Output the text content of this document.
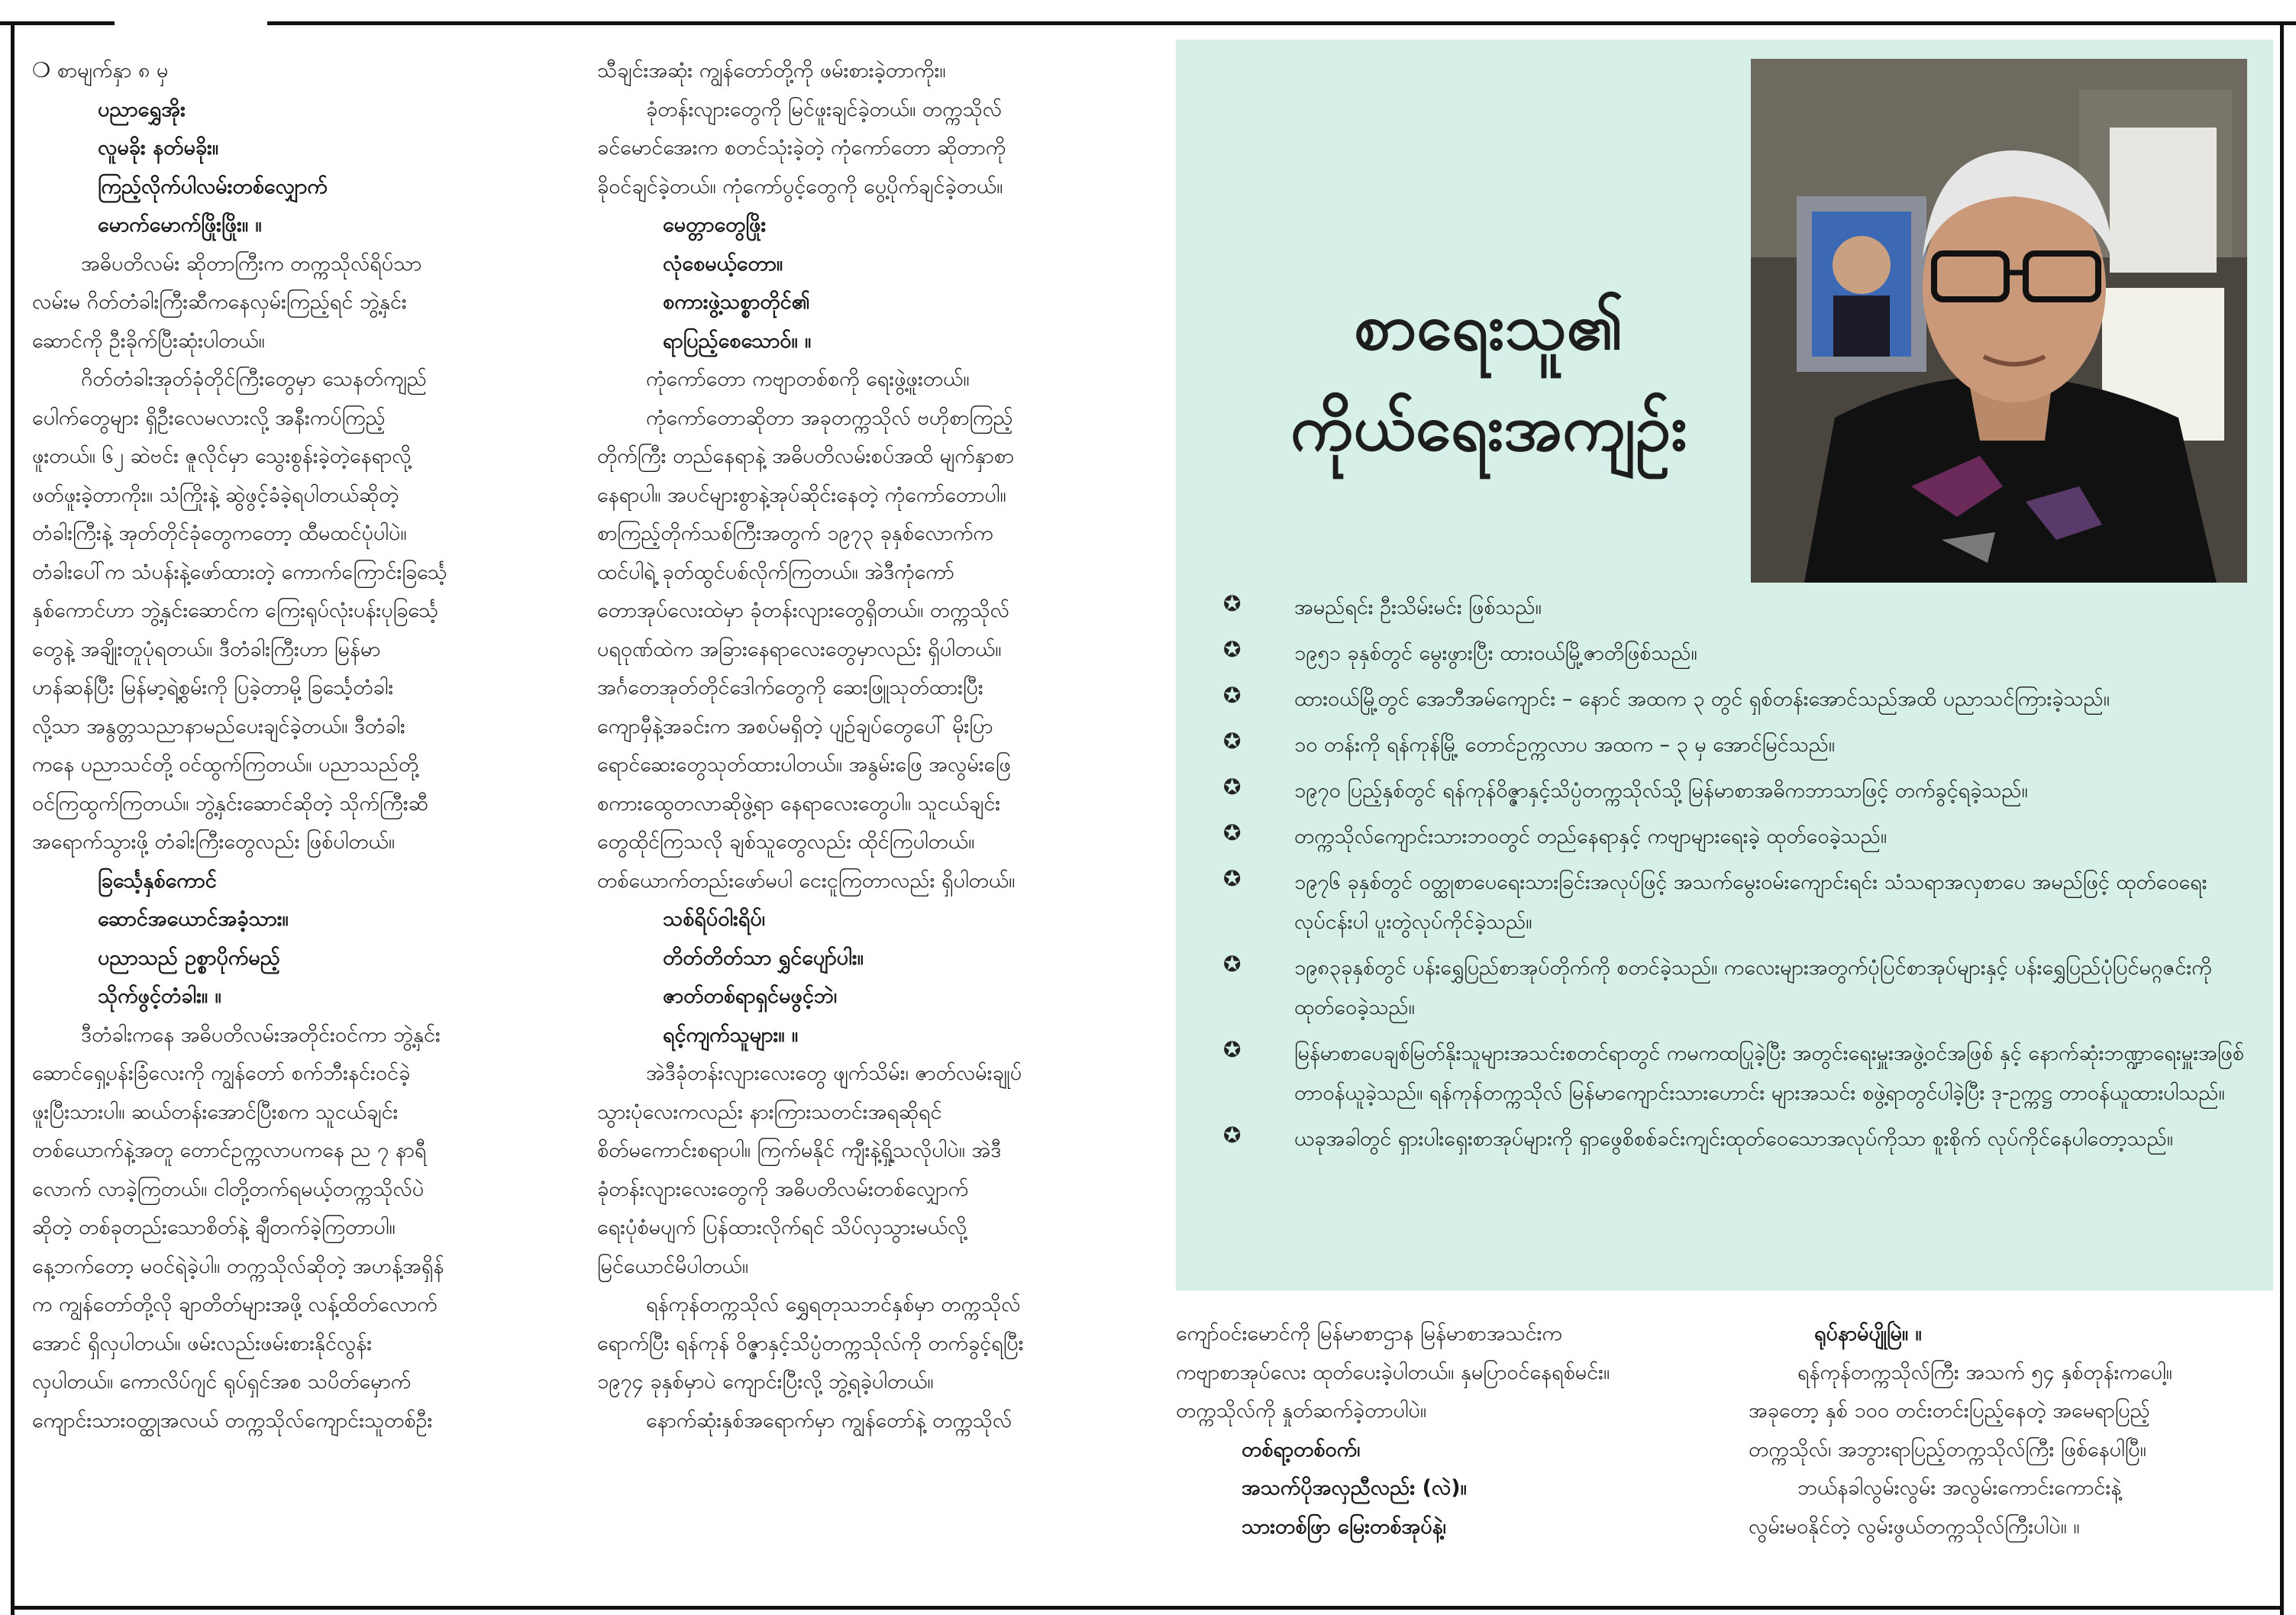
❍ စာမျက်နှာ ၈ မှ

ပညာရွှေအိုး

လူမခိုး နတ်မခိုး။

ကြည့်လိုက်ပါလမ်းတစ်လျှောက်

မောက်မောက်ဖြိုးဖြိုး။ ။

အဓိပတိလမ်း ဆိုတာကြီးက တက္ကသိုလ်ရိပ်သာ

လမ်းမ ဂိတ်တံခါးကြီးဆီကနေလှမ်းကြည့်ရင် ဘွဲ့နှင်း

ဆောင်ကို ဦးခိုက်ပြီးဆုံးပါတယ်။

ဂိတ်တံခါးအုတ်ခုံတိုင်ကြီးတွေမှာ သေနတ်ကျည်

ပေါက်တွေများ ရှိဦးလေမလားလို့ အနီးကပ်ကြည့်

ဖူးတယ်။ ၆၂ ဆဲဗင်း ဇူလိုင်မှာ သွေးစွန်းခဲ့တဲ့နေရာလို့

ဖတ်ဖူးခဲ့တာကိုး။ သံကြိုးနဲ့ ဆွဲဖွင့်ခံခဲ့ရပါတယ်ဆိုတဲ့

တံခါးကြီးနဲ့ အုတ်တိုင်ခုံတွေကတော့ ထီမထင်ပုံပါပဲ။

တံခါးပေါ်က သံပန်းနဲ့ဖော်ထားတဲ့ ကောက်ကြောင်းခြင်္သေ့

နှစ်ကောင်ဟာ ဘွဲ့နှင်းဆောင်က ကြေးရုပ်လုံးပန်းပုခြင်္သေ့

တွေနဲ့ အချိုးတူပုံရတယ်။ ဒီတံခါးကြီးဟာ မြန်မာ

ဟန်ဆန်ပြီး မြန်မာ့ရဲ့စွမ်းကို ပြခဲ့တာမို့ ခြင်္သေ့တံခါး

လို့သာ အနွတ္တသညာနာမည်ပေးချင်ခဲ့တယ်။ ဒီတံခါး

ကနေ ပညာသင်တို့ ဝင်ထွက်ကြတယ်။ ပညာသည်တို့

ဝင်ကြထွက်ကြတယ်။ ဘွဲ့နှင်းဆောင်ဆိုတဲ့ သိုက်ကြီးဆီ

အရောက်သွားဖို့ တံခါးကြီးတွေလည်း ဖြစ်ပါတယ်။

ခြင်္သေ့နှစ်ကောင်

ဆောင်အယောင်အခံ့သား။

ပညာသည် ဥစ္စာပိုက်မည့်

သိုက်ဖွင့်တံခါး။ ။

ဒီတံခါးကနေ အဓိပတိလမ်းအတိုင်းဝင်ကာ ဘွဲ့နှင်း

ဆောင်ရှေ့ပန်းခြံလေးကို ကျွန်တော် စက်ဘီးနင်းဝင်ခဲ့

ဖူးပြီးသားပါ။ ဆယ်တန်းအောင်ပြီးစက သူငယ်ချင်း

တစ်ယောက်နဲ့အတူ တောင်ဥက္ကလာပကနေ ည ၇ နာရီ

လောက် လာခဲ့ကြတယ်။ ငါတို့တက်ရမယ့်တက္ကသိုလ်ပဲ

ဆိုတဲ့ တစ်ခုတည်းသောစိတ်နဲ့ ချီတက်ခဲ့ကြတာပါ။

နေ့ဘက်တော့ မဝင်ရဲခဲ့ပါ။ တက္ကသိုလ်ဆိုတဲ့ အဟန့်အရှိန်

က ကျွန်တော်တို့လို ချာတိတ်များအဖို့ လန့်ထိတ်လောက်

အောင် ရှိလှပါတယ်။ ဖမ်းလည်းဖမ်းစားနိုင်လွန်း

လှပါတယ်။ ကောလိပ်ဂျင် ရုပ်ရှင်အစ သပိတ်မှောက်

ကျောင်းသားဝတ္ထုအလယ် တက္ကသိုလ်ကျောင်းသူတစ်ဦး

သီချင်းအဆုံး ကျွန်တော်တို့ကို ဖမ်းစားခဲ့တာကိုး။

ခုံတန်းလျားတွေကို မြင်ဖူးချင်ခဲ့တယ်။ တက္ကသိုလ်

ခင်မောင်အေးက စတင်သုံးခဲ့တဲ့ ကုံကော်တော ဆိုတာကို

ခိုဝင်ချင်ခဲ့တယ်။ ကုံကော်ပွင့်တွေကို ပွေ့ပိုက်ချင်ခဲ့တယ်။

မေတ္တာတွေဖြိုး

လုံစေမယ့်တော။

စကားဖွဲ့သစ္စာတိုင်၏

ရာပြည့်စေသောဝ်။ ။

ကုံကော်တော ကဗျာတစ်စကို ရေးဖွဲ့ဖူးတယ်။

ကုံကော်တောဆိုတာ အခုတက္ကသိုလ် ဗဟိုစာကြည့်

တိုက်ကြီး တည်နေရာနဲ့ အဓိပတိလမ်းစပ်အထိ မျက်နှာစာ

နေရာပါ။ အပင်များစွာနဲ့အုပ်ဆိုင်းနေတဲ့ ကုံကော်တောပါ။

စာကြည့်တိုက်သစ်ကြီးအတွက် ၁၉၇၃ ခုနှစ်လောက်က

ထင်ပါရဲ့ ခုတ်ထွင်ပစ်လိုက်ကြတယ်။ အဲဒီကုံကော်

တောအုပ်လေးထဲမှာ ခုံတန်းလျားတွေရှိတယ်။ တက္ကသိုလ်

ပရဝုဏ်ထဲက အခြားနေရာလေးတွေမှာလည်း ရှိပါတယ်။

အင်္ဂတေအုတ်တိုင်ဒေါက်တွေကို ဆေးဖြူသုတ်ထားပြီး

ကျောမှီနဲ့အခင်းက အစပ်မရှိတဲ့ ပျဉ်ချပ်တွေပေါ် မိုးပြာ

ရောင်ဆေးတွေသုတ်ထားပါတယ်။ အနွမ်းဖြေ အလွမ်းဖြေ

စကားထွေတလာဆိုဖွဲ့ရာ နေရာလေးတွေပါ။ သူငယ်ချင်း

တွေထိုင်ကြသလို ချစ်သူတွေလည်း ထိုင်ကြပါတယ်။

တစ်ယောက်တည်းဖော်မပါ ငေးငူကြတာလည်း ရှိပါတယ်။

သစ်ရိပ်ဝါးရိပ်၊

တိတ်တိတ်သာ ရွှင်ပျော်ပါး။

ဇာတ်တစ်ရာရှင်မဖွင့်ဘဲ၊

ရင့်ကျက်သူများ။ ။

အဲဒီခုံတန်းလျားလေးတွေ ဖျက်သိမ်း၊ ဇာတ်လမ်းချုပ်

သွားပုံလေးကလည်း နားကြားသတင်းအရဆိုရင်

စိတ်မကောင်းစရာပါ။ ကြက်မနိုင် ကျီးနဲ့ရှို့သလိုပါပဲ။ အဲဒီ

ခုံတန်းလျားလေးတွေကို အဓိပတိလမ်းတစ်လျှောက်

ရေးပုံစံမပျက် ပြန်ထားလိုက်ရင် သိပ်လှသွားမယ်လို့

မြင်ယောင်မိပါတယ်။

ရန်ကုန်တက္ကသိုလ် ရွှေရတုသဘင်နှစ်မှာ တက္ကသိုလ်

ရောက်ပြီး ရန်ကုန် ဝိဇ္ဇာနှင့်သိပ္ပံတက္ကသိုလ်ကို တက်ခွင့်ရပြီး

၁၉၇၄ ခုနှစ်မှာပဲ ကျောင်းပြီးလို့ ဘွဲ့ရခဲ့ပါတယ်။

နောက်ဆုံးနှစ်အရောက်မှာ ကျွန်တော်နဲ့ တက္ကသိုလ်

စာရေးသူ၏
ကိုယ်ရေးအကျဉ်း
✪	အမည်ရင်း ဦးသိမ်းမင်း ဖြစ်သည်။
✪	၁၉၅၁ ခုနှစ်တွင် မွေးဖွားပြီး ထားဝယ်မြို့ဇာတိဖြစ်သည်။
✪	ထားဝယ်မြို့တွင် အေဘီအမ်ကျောင်း – နောင် အထက ၃ တွင် ရှစ်တန်းအောင်သည်အထိ ပညာသင်ကြားခဲ့သည်။
✪	၁၀ တန်းကို ရန်ကုန်မြို့ တောင်ဥက္ကလာပ အထက – ၃ မှ အောင်မြင်သည်။
✪	၁၉၇၀ ပြည့်နှစ်တွင် ရန်ကုန်ဝိဇ္ဇာနှင့်သိပ္ပံတက္ကသိုလ်သို့ မြန်မာစာအဓိကဘာသာဖြင့် တက်ခွင့်ရခဲ့သည်။
✪	တက္ကသိုလ်ကျောင်းသားဘဝတွင် တည်နေရာနှင့် ကဗျာများရေးခဲ့ ထုတ်ဝေခဲ့သည်။
✪	၁၉၇၆ ခုနှစ်တွင် ဝတ္ထုစာပေရေးသားခြင်းအလုပ်ဖြင့် အသက်မွေးဝမ်းကျောင်းရင်း သံသရာအလှစာပေ အမည်ဖြင့် ထုတ်ဝေရေးလုပ်ငန်းပါ ပူးတွဲလုပ်ကိုင်ခဲ့သည်။
✪	၁၉၈၃ခုနှစ်တွင် ပန်းရွှေပြည်စာအုပ်တိုက်ကို စတင်ခဲ့သည်။ ကလေးများအတွက်ပုံပြင်စာအုပ်များနှင့် ပန်းရွှေပြည်ပုံပြင်မဂ္ဂဇင်းကို ထုတ်ဝေခဲ့သည်။
✪	မြန်မာစာပေချစ်မြတ်နိုးသူများအသင်းစတင်ရာတွင် ကမကထပြုခဲ့ပြီး အတွင်းရေးမှူးအဖွဲ့ဝင်အဖြစ် နှင့် နောက်ဆုံးဘဏ္ဍာရေးမှူးအဖြစ် တာဝန်ယူခဲ့သည်။ ရန်ကုန်တက္ကသိုလ် မြန်မာကျောင်းသားဟောင်း များအသင်း စဖွဲ့ရာတွင်ပါခဲ့ပြီး ဒု-ဥက္ကဋ္ဌ တာဝန်ယူထားပါသည်။
✪	ယခုအခါတွင် ရှားပါးရှေးစာအုပ်များကို ရှာဖွေစိစစ်ခင်းကျင်းထုတ်ဝေသောအလုပ်ကိုသာ စူးစိုက် လုပ်ကိုင်နေပါတော့သည်။

ကျော်ဝင်းမောင်ကို မြန်မာစာဌာန မြန်မာစာအသင်းက

ကဗျာစာအုပ်လေး ထုတ်ပေးခဲ့ပါတယ်။ နှမပြာဝင်နေရစ်မင်း။

တက္ကသိုလ်ကို နှုတ်ဆက်ခဲ့တာပါပဲ။

တစ်ရာ့တစ်ဝက်၊

အသက်ပိုအလှညီလည်း (လဲ)။

သားတစ်ဖြာ မြေးတစ်အုပ်နဲ့၊

ရုပ်နာမ်ပျိုမြဲ။ ။

ရန်ကုန်တက္ကသိုလ်ကြီး အသက် ၅၄ နှစ်တုန်းကပေါ့။

အခုတော့ နှစ် ၁၀၀ တင်းတင်းပြည့်နေတဲ့ အမေရာပြည့်

တက္ကသိုလ်၊ အဘွားရာပြည့်တက္ကသိုလ်ကြီး ဖြစ်နေပါပြီ။

ဘယ်နခါလွမ်းလွမ်း အလွမ်းကောင်းကောင်းနဲ့

လွမ်းမဝနိုင်တဲ့ လွမ်းဖွယ်တက္ကသိုလ်ကြီးပါပဲ။ ။
